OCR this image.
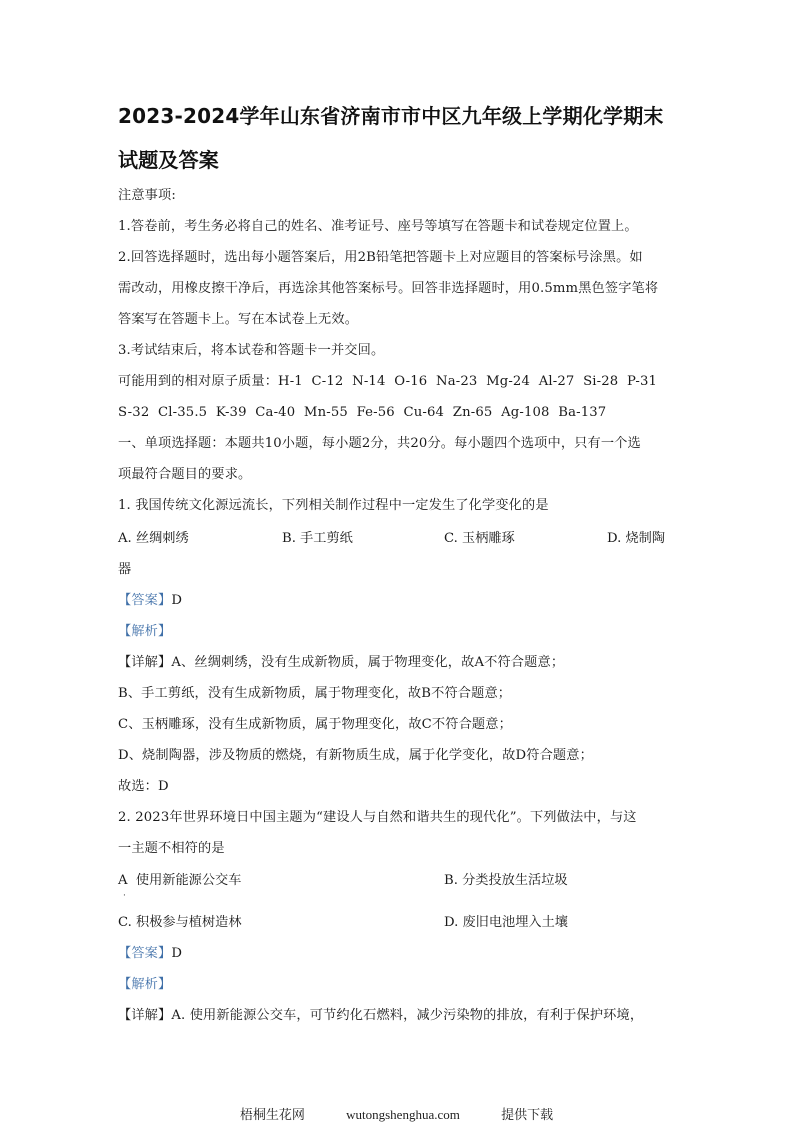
2023-2024学年山东省济南市市中区九年级上学期化学期末
试题及答案
注意事项:
1.答卷前，考生务必将自己的姓名、准考证号、座号等填写在答题卡和试卷规定位置上。
2.回答选择题时，选出每小题答案后，用2B铅笔把答题卡上对应题目的答案标号涂黑。如
需改动，用橡皮擦干净后，再选涂其他答案标号。回答非选择题时，用0.5mm黑色签字笔将
答案写在答题卡上。写在本试卷上无效。
3.考试结束后，将本试卷和答题卡一并交回。
可能用到的相对原子质量：H-1  C-12  N-14  O-16  Na-23  Mg-24  Al-27  Si-28  P-31
S-32  Cl-35.5  K-39  Ca-40  Mn-55  Fe-56  Cu-64  Zn-65  Ag-108  Ba-137
一、单项选择题：本题共10小题，每小题2分，共20分。每小题四个选项中，只有一个选
项最符合题目的要求。
1. 我国传统文化源远流长，下列相关制作过程中一定发生了化学变化的是
A. 丝绸刺绣	B. 手工剪纸	C. 玉柄雕琢	D. 烧制陶
器
【答案】D
【解析】
【详解】A、丝绸刺绣，没有生成新物质，属于物理变化，故A不符合题意；
B、手工剪纸，没有生成新物质，属于物理变化，故B不符合题意；
C、玉柄雕琢，没有生成新物质，属于物理变化，故C不符合题意；
D、烧制陶器，涉及物质的燃烧，有新物质生成，属于化学变化，故D符合题意；
故选：D
2. 2023年世界环境日中国主题为“建设人与自然和谐共生的现代化”。下列做法中，与这
一主题不相符的是
A  使用新能源公交车	B. 分类投放生活垃圾
·
C. 积极参与植树造林	D. 废旧电池埋入土壤
【答案】D
【解析】
【详解】A. 使用新能源公交车，可节约化石燃料，减少污染物的排放，有利于保护环境，
梧桐生花网	wutongshenghua.com	提供下载
